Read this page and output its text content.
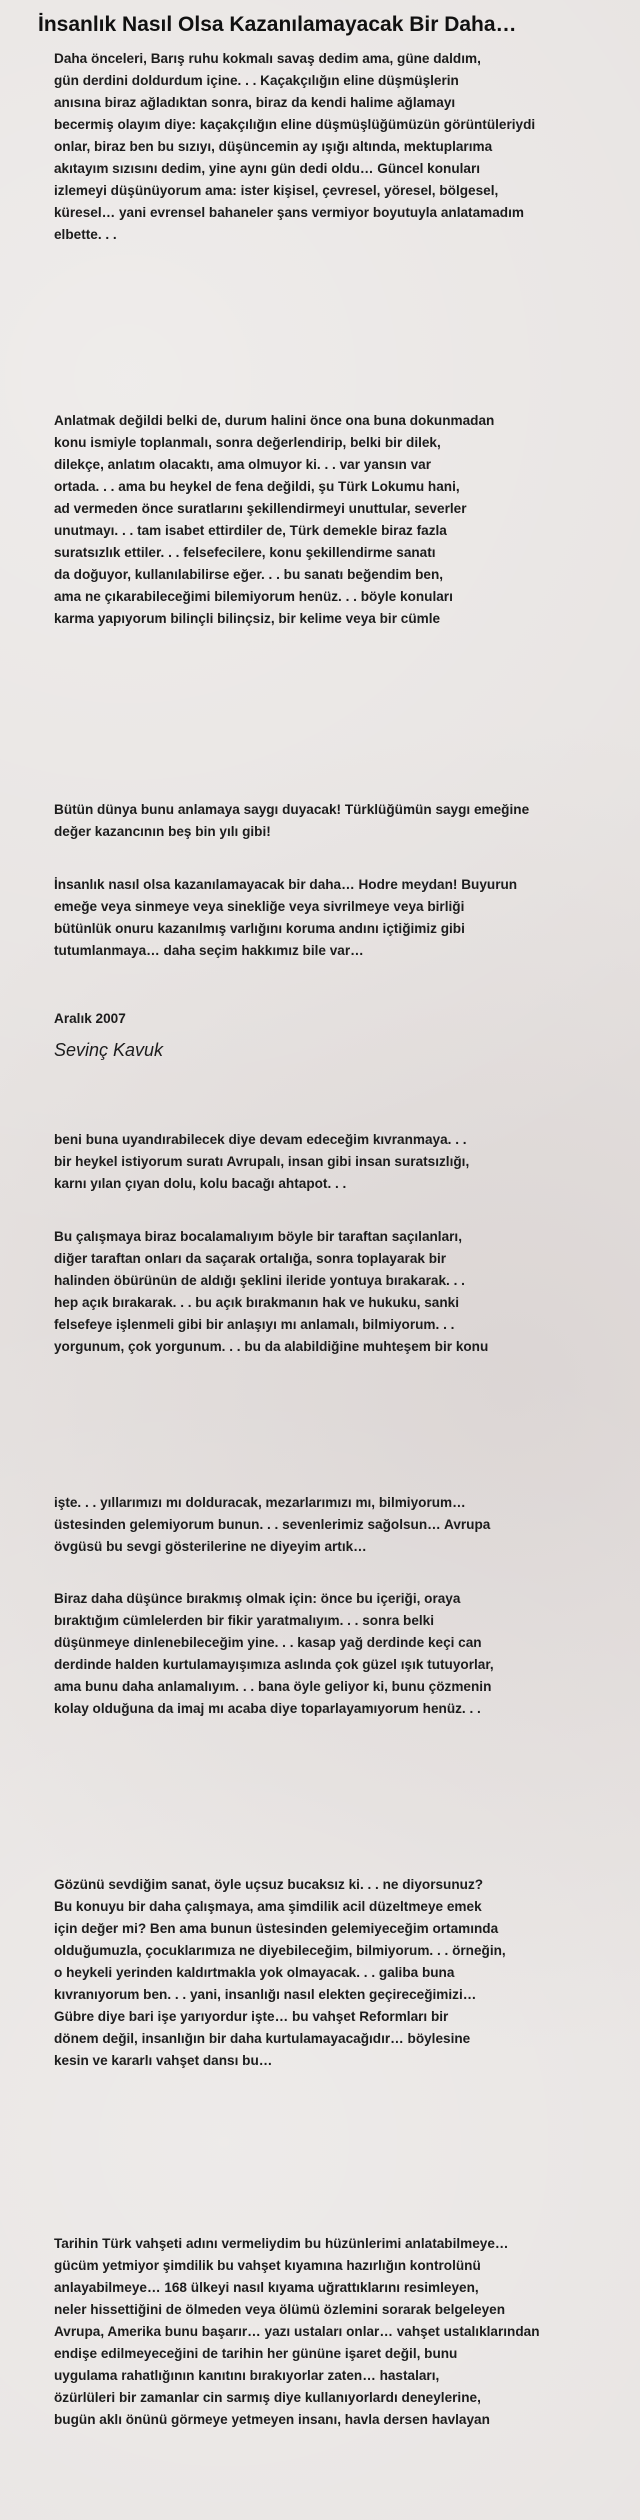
İnsanlık Nasıl Olsa Kazanılamayacak Bir Daha…
Daha önceleri, Barış ruhu kokmalı savaş dedim ama, güne daldım,
gün derdini doldurdum içine. . . Kaçakçılığın eline düşmüşlerin
anısına biraz ağladıktan sonra, biraz da kendi halime ağlamayı
becermiş olayım diye: kaçakçılığın eline düşmüşlüğümüzün görüntüleriydi
onlar, biraz ben bu sızıyı, düşüncemin ay ışığı altında, mektuplarıma
akıtayım sızısını dedim, yine aynı gün dedi oldu… Güncel konuları
izlemeyi düşünüyorum ama: ister kişisel, çevresel, yöresel, bölgesel,
küresel… yani evrensel bahaneler şans vermiyor boyutuyla anlatamadım
elbette. . .
Anlatmak değildi belki de, durum halini önce ona buna dokunmadan
konu ismiyle toplanmalı, sonra değerlendirip, belki bir dilek,
dilekçe, anlatım olacaktı, ama olmuyor ki. . . var yansın var
ortada. . . ama bu heykel de fena değildi, şu Türk Lokumu hani,
ad vermeden önce suratlarını şekillendirmeyi unuttular, severler
unutmayı. . . tam isabet ettirdiler de, Türk demekle biraz fazla
suratsızlık ettiler. . . felsefecilere, konu şekillendirme sanatı
da doğuyor, kullanılabilirse eğer. . . bu sanatı beğendim ben,
ama ne çıkarabileceğimi bilemiyorum henüz. . . böyle konuları
karma yapıyorum bilinçli bilinçsiz, bir kelime veya bir cümle
Bütün dünya bunu anlamaya saygı duyacak! Türklüğümün saygı emeğine
değer kazancının beş bin yılı gibi!
İnsanlık nasıl olsa kazanılamayacak bir daha… Hodre meydan! Buyurun
emeğe veya sinmeye veya sinekliğe veya sivrilmeye veya birliği
bütünlük onuru kazanılmış varlığını koruma andını içtiğimiz gibi
tutumlanmaya… daha seçim hakkımız bile var…
Aralık 2007
Sevinç Kavuk
beni buna uyandırabilecek diye devam edeceğim kıvranmaya. . .
bir heykel istiyorum suratı Avrupalı, insan gibi insan suratsızlığı,
karnı yılan çıyan dolu, kolu bacağı ahtapot. . .
Bu çalışmaya biraz bocalamalıyım böyle bir taraftan saçılanları,
diğer taraftan onları da saçarak ortalığa, sonra toplayarak bir
halinden öbürünün de aldığı şeklini ileride yontuya bırakarak. . .
hep açık bırakarak. . . bu açık bırakmanın hak ve hukuku, sanki
felsefeye işlenmeli gibi bir anlaşıyı mı anlamalı, bilmiyorum. . .
yorgunum, çok yorgunum. . . bu da alabildiğine muhteşem bir konu
işte. . . yıllarımızı mı dolduracak, mezarlarımızı mı, bilmiyorum…
üstesinden gelemiyorum bunun. . . sevenlerimiz sağolsun… Avrupa
övgüsü bu sevgi gösterilerine ne diyeyim artık…
Biraz daha düşünce bırakmış olmak için: önce bu içeriği, oraya
bıraktığım cümlelerden bir fikir yaratmalıyım. . . sonra belki
düşünmeye dinlenebileceğim yine. . . kasap yağ derdinde keçi can
derdinde halden kurtulamayışımıza aslında çok güzel ışık tutuyorlar,
ama bunu daha anlamalıyım. . . bana öyle geliyor ki, bunu çözmenin
kolay olduğuna da imaj mı acaba diye toparlayamıyorum henüz. . .
Gözünü sevdiğim sanat, öyle uçsuz bucaksız ki. . . ne diyorsunuz?
Bu konuyu bir daha çalışmaya, ama şimdilik acil düzeltmeye emek
için değer mi? Ben ama bunun üstesinden gelemiyeceğim ortamında
olduğumuzla, çocuklarımıza ne diyebileceğim, bilmiyorum. . . örneğin,
o heykeli yerinden kaldırtmakla yok olmayacak. . . galiba buna
kıvranıyorum ben. . . yani, insanlığı nasıl elekten geçireceğimizi…
Gübre diye bari işe yarıyordur işte… bu vahşet Reformları bir
dönem değil, insanlığın bir daha kurtulamayacağıdır… böylesine
kesin ve kararlı vahşet dansı bu…
Tarihin Türk vahşeti adını vermeliydim bu hüzünlerimi anlatabilmeye…
gücüm yetmiyor şimdilik bu vahşet kıyamına hazırlığın kontrolünü
anlayabilmeye… 168 ülkeyi nasıl kıyama uğrattıklarını resimleyen,
neler hissettiğini de ölmeden veya ölümü özlemini sorarak belgeleyen
Avrupa, Amerika bunu başarır… yazı ustaları onlar… vahşet ustalıklarından
endişe edilmeyeceğini de tarihin her gününe işaret değil, bunu
uygulama rahatlığının kanıtını bırakıyorlar zaten… hastaları,
özürlüleri bir zamanlar cin sarmış diye kullanıyorlardı deneylerine,
bugün aklı önünü görmeye yetmeyen insanı, havla dersen havlayan
